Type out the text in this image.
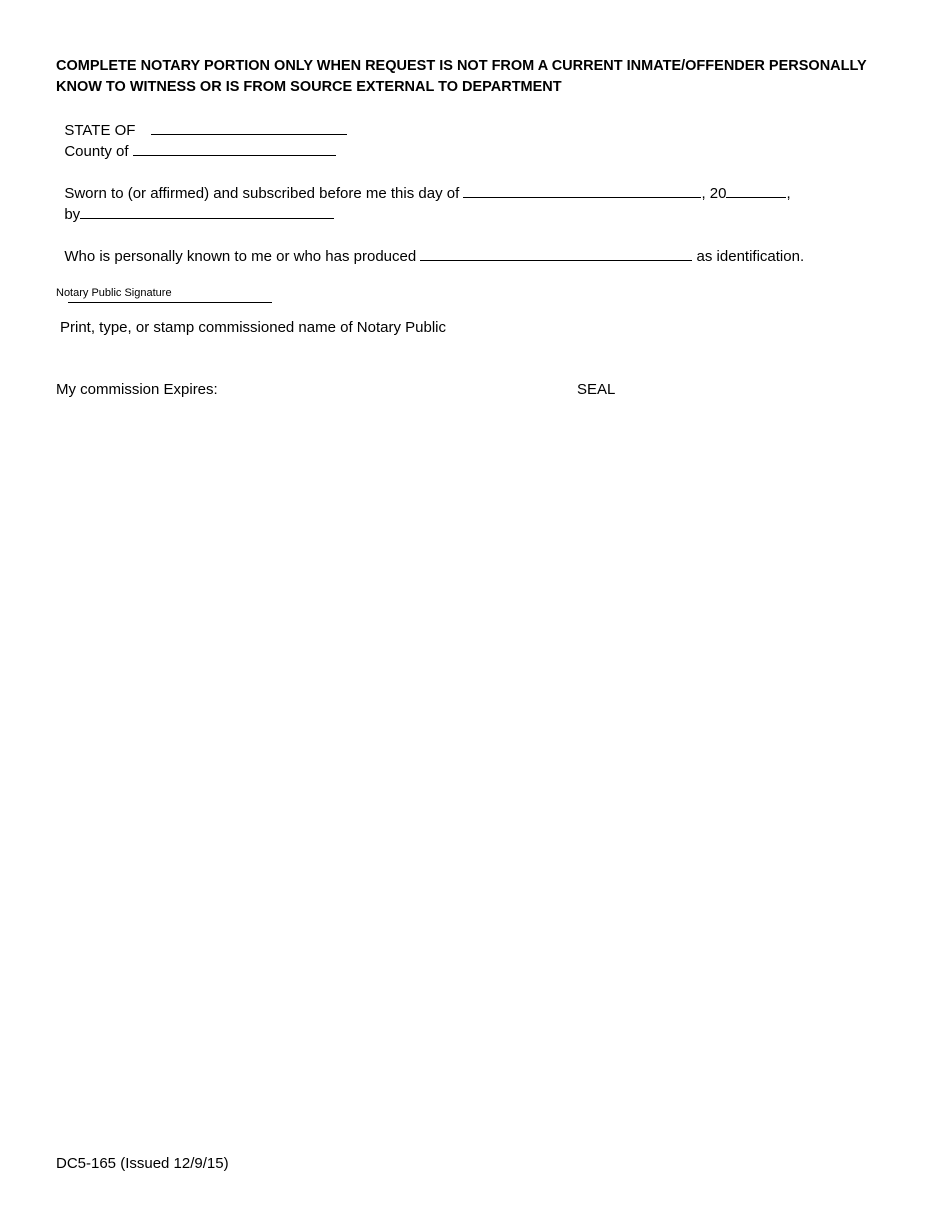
COMPLETE NOTARY PORTION ONLY WHEN REQUEST IS NOT FROM A CURRENT INMATE/OFFENDER PERSONALLY
KNOW TO WITNESS OR IS FROM SOURCE EXTERNAL TO DEPARTMENT

STATE OF

County of

Sworn to (or affirmed) and subscribed before me this day of	, 20	,

by

Who is personally known to me or who has produced	as identification.

Notary Public Signature
Print, type, or stamp commissioned name of Notary Public
My commission Expires:	SEAL
DC5-165 (Issued 12/9/15)
